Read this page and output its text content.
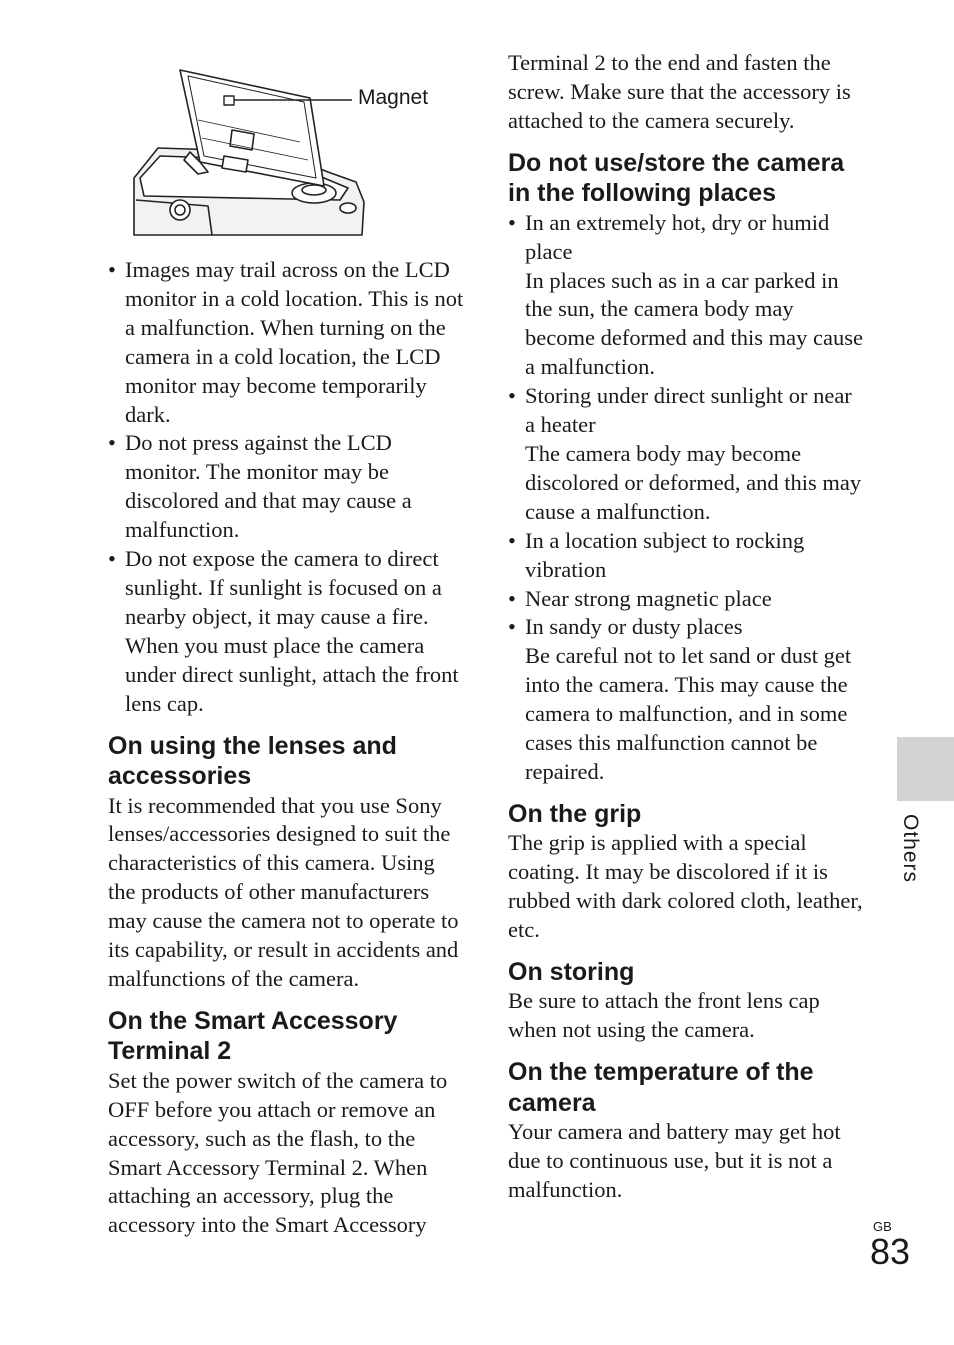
Magnet
• Images may trail across on the LCD monitor in a cold location. This is not a malfunction. When turning on the camera in a cold location, the LCD monitor may become temporarily dark.
• Do not press against the LCD monitor. The monitor may be discolored and that may cause a malfunction.
• Do not expose the camera to direct sunlight. If sunlight is focused on a nearby object, it may cause a fire. When you must place the camera under direct sunlight, attach the front lens cap.
On using the lenses and accessories

It is recommended that you use Sony lenses/accessories designed to suit the characteristics of this camera. Using the products of other manufacturers may cause the camera not to operate to its capability, or result in accidents and malfunctions of the camera.

On the Smart Accessory Terminal 2

Set the power switch of the camera to OFF before you attach or remove an accessory, such as the flash, to the Smart Accessory Terminal 2. When attaching an accessory, plug the accessory into the Smart Accessory

Terminal 2 to the end and fasten the screw. Make sure that the accessory is attached to the camera securely.

Do not use/store the camera in the following places
• In an extremely hot, dry or humid place
In places such as in a car parked in the sun, the camera body may become deformed and this may cause a malfunction.
• Storing under direct sunlight or near a heater
The camera body may become discolored or deformed, and this may cause a malfunction.
• In a location subject to rocking vibration
• Near strong magnetic place
• In sandy or dusty places
Be careful not to let sand or dust get into the camera. This may cause the camera to malfunction, and in some cases this malfunction cannot be repaired.
On the grip

The grip is applied with a special coating. It may be discolored if it is rubbed with dark colored cloth, leather, etc.

On storing

Be sure to attach the front lens cap when not using the camera.

On the temperature of the camera

Your camera and battery may get hot due to continuous use, but it is not a malfunction.

Others
GB
83
